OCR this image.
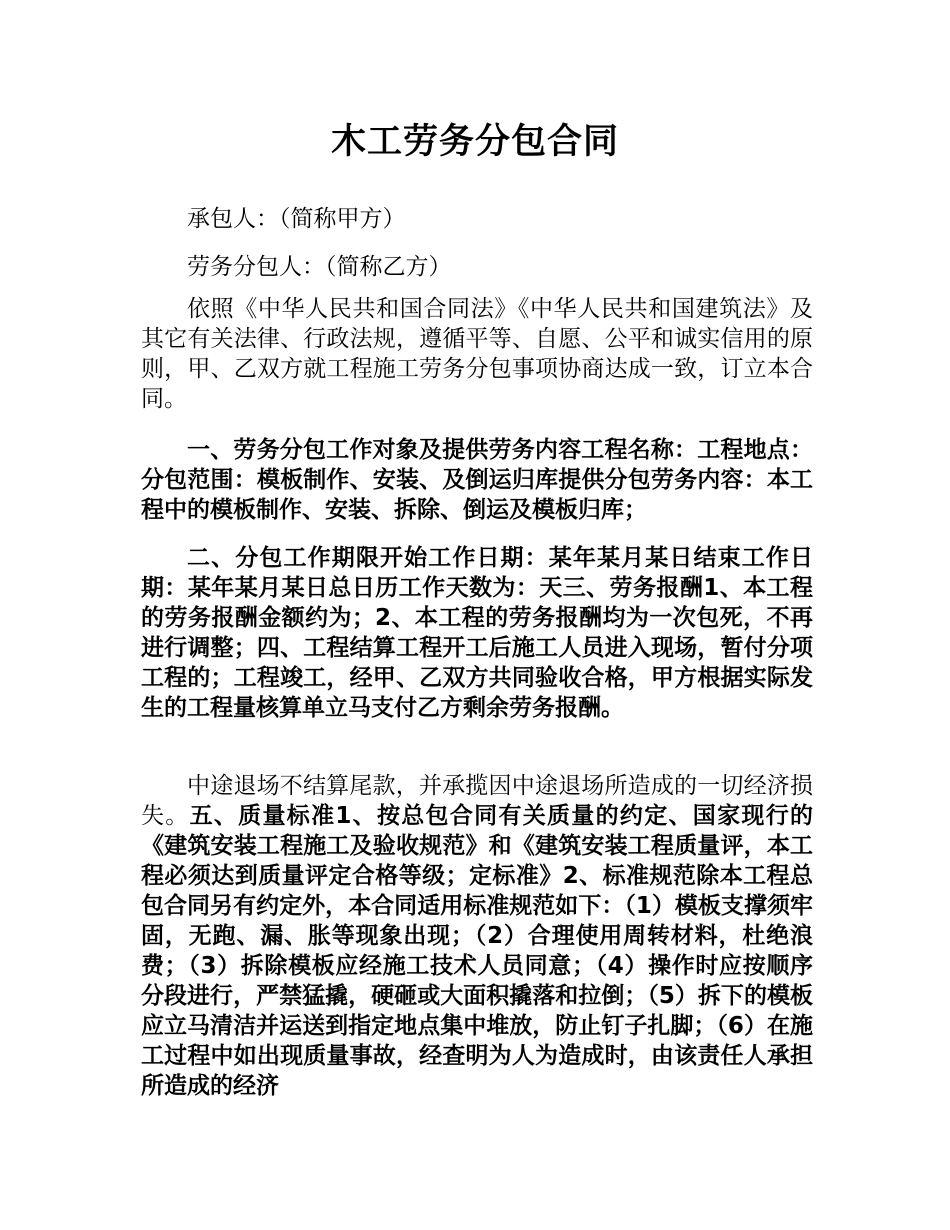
木工劳务分包合同

承包人：（简称甲方）

劳务分包人：（简称乙方）

依照《中华人民共和国合同法》《中华人民共和国建筑法》及其它有关法律、行政法规，遵循平等、自愿、公平和诚实信用的原则，甲、乙双方就工程施工劳务分包事项协商达成一致，订立本合同。

一、劳务分包工作对象及提供劳务内容工程名称：工程地点：分包范围：模板制作、安装、及倒运归库提供分包劳务内容：本工程中的模板制作、安装、拆除、倒运及模板归库；

二、分包工作期限开始工作日期：某年某月某日结束工作日期：某年某月某日总日历工作天数为：天三、劳务报酬1、本工程的劳务报酬金额约为；2、本工程的劳务报酬均为一次包死，不再进行调整；四、工程结算工程开工后施工人员进入现场，暂付分项工程的；工程竣工，经甲、乙双方共同验收合格，甲方根据实际发生的工程量核算单立马支付乙方剩余劳务报酬。

中途退场不结算尾款，并承揽因中途退场所造成的一切经济损失。五、质量标准1、按总包合同有关质量的约定、国家现行的《建筑安装工程施工及验收规范》和《建筑安装工程质量评，本工程必须达到质量评定合格等级；定标准》2、标准规范除本工程总包合同另有约定外，本合同适用标准规范如下：（1）模板支撑须牢固，无跑、漏、胀等现象出现；（2）合理使用周转材料，杜绝浪费；（3）拆除模板应经施工技术人员同意；（4）操作时应按顺序分段进行，严禁猛撬，硬砸或大面积撬落和拉倒；（5）拆下的模板应立马清洁并运送到指定地点集中堆放，防止钉子扎脚；（6）在施工过程中如出现质量事故，经查明为人为造成时，由该责任人承担所造成的经济
